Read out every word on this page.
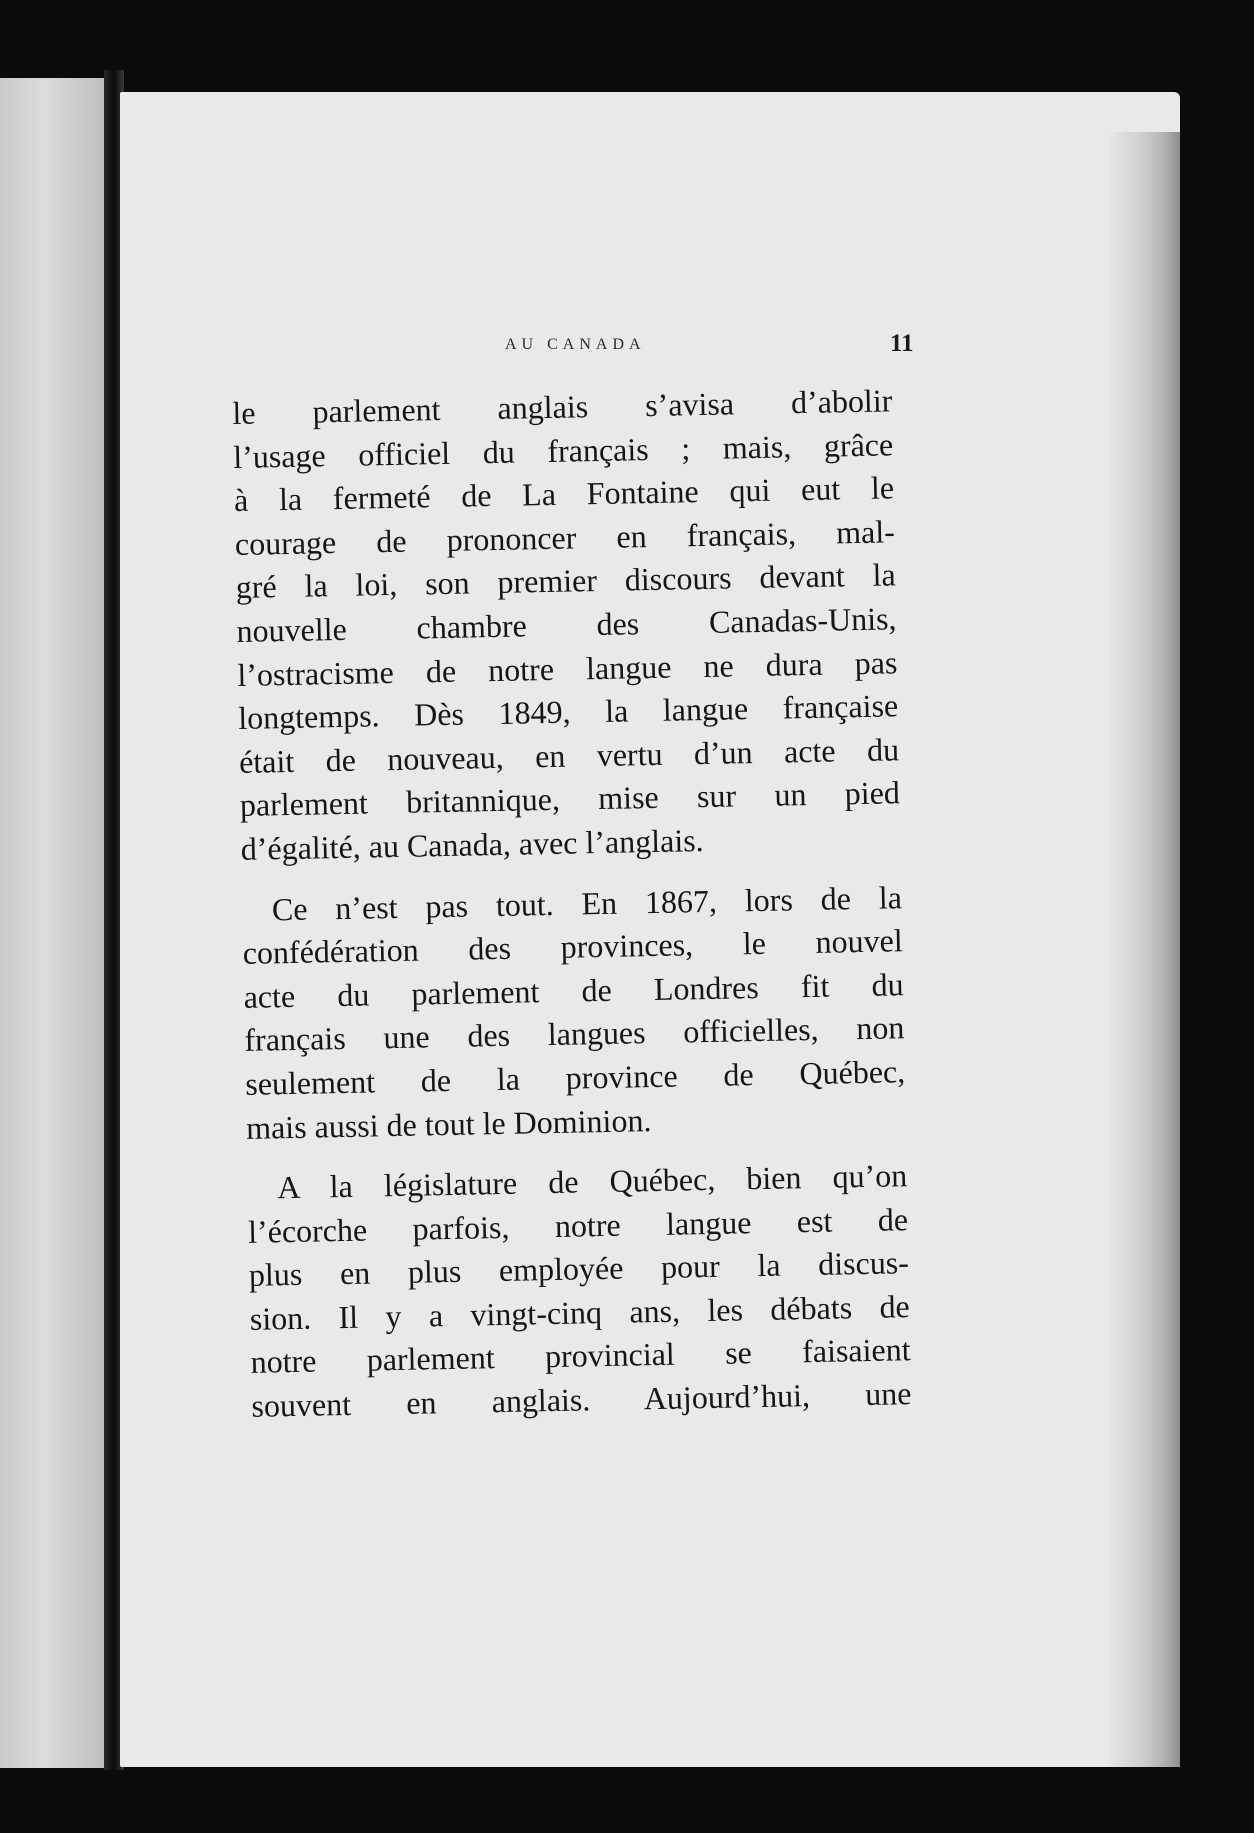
AU CANADA	11
le parlement anglais s’avisa d’abolir
l’usage officiel du français ; mais, grâce
à la fermeté de La Fontaine qui eut le
courage de prononcer en français, mal-
gré la loi, son premier discours devant la
nouvelle chambre des Canadas-Unis,
l’ostracisme de notre langue ne dura pas
longtemps. Dès 1849, la langue française
était de nouveau, en vertu d’un acte du
parlement britannique, mise sur un pied
d’égalité, au Canada, avec l’anglais.
Ce n’est pas tout. En 1867, lors de la
confédération des provinces, le nouvel
acte du parlement de Londres fit du
français une des langues officielles, non
seulement de la province de Québec,
mais aussi de tout le Dominion.
A la législature de Québec, bien qu’on
l’écorche parfois, notre langue est de
plus en plus employée pour la discus-
sion. Il y a vingt-cinq ans, les débats de
notre parlement provincial se faisaient
souvent en anglais. Aujourd’hui, une
